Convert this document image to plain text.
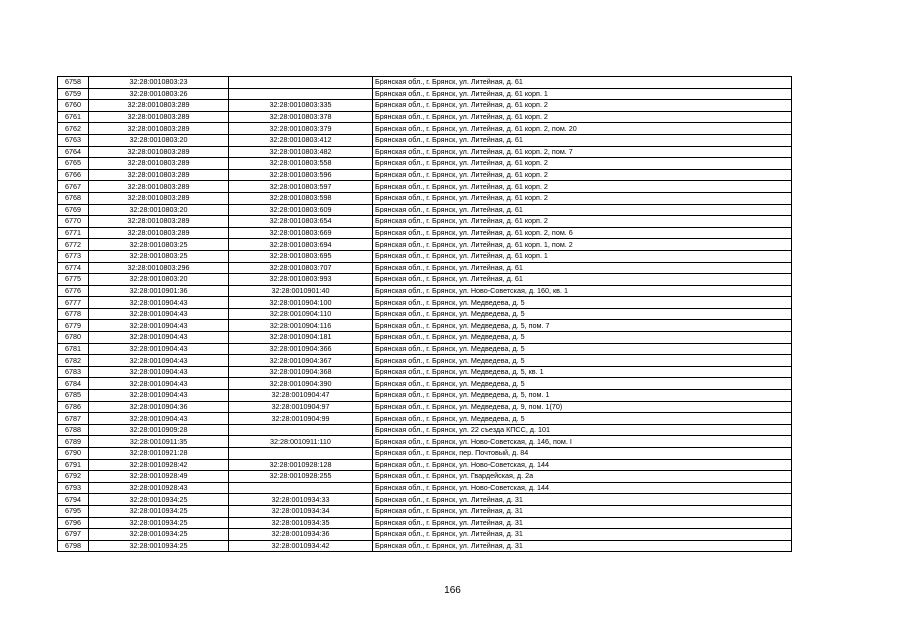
6758	32:28:0010803:23		Брянская обл., г. Брянск, ул. Литейная, д. 61
6759	32:28:0010803:26		Брянская обл., г. Брянск, ул. Литейная, д. 61 корп. 1
6760	32:28:0010803:289	32:28:0010803:335	Брянская обл., г. Брянск, ул. Литейная, д. 61 корп. 2
6761	32:28:0010803:289	32:28:0010803:378	Брянская обл., г. Брянск, ул. Литейная, д. 61 корп. 2
6762	32:28:0010803:289	32:28:0010803:379	Брянская обл., г. Брянск, ул. Литейная, д. 61 корп. 2, пом. 20
6763	32:28:0010803:20	32:28:0010803:412	Брянская обл., г. Брянск, ул. Литейная, д. 61
6764	32:28:0010803:289	32:28:0010803:482	Брянская обл., г. Брянск, ул. Литейная, д. 61 корп. 2, пом. 7
6765	32:28:0010803:289	32:28:0010803:558	Брянская обл., г. Брянск, ул. Литейная, д. 61 корп. 2
6766	32:28:0010803:289	32:28:0010803:596	Брянская обл., г. Брянск, ул. Литейная, д. 61 корп. 2
6767	32:28:0010803:289	32:28:0010803:597	Брянская обл., г. Брянск, ул. Литейная, д. 61 корп. 2
6768	32:28:0010803:289	32:28:0010803:598	Брянская обл., г. Брянск, ул. Литейная, д. 61 корп. 2
6769	32:28:0010803:20	32:28:0010803:609	Брянская обл., г. Брянск, ул. Литейная, д. 61
6770	32:28:0010803:289	32:28:0010803:654	Брянская обл., г. Брянск, ул. Литейная, д. 61 корп. 2
6771	32:28:0010803:289	32:28:0010803:669	Брянская обл., г. Брянск, ул. Литейная, д. 61 корп. 2, пом. 6
6772	32:28:0010803:25	32:28:0010803:694	Брянская обл., г. Брянск, ул. Литейная, д. 61 корп. 1, пом. 2
6773	32:28:0010803:25	32:28:0010803:695	Брянская обл., г. Брянск, ул. Литейная, д. 61 корп. 1
6774	32:28:0010803:296	32:28:0010803:707	Брянская обл., г. Брянск, ул. Литейная, д. 61
6775	32:28:0010803:20	32:28:0010803:993	Брянская обл., г. Брянск, ул. Литейная, д. 61
6776	32:28:0010901:36	32:28:0010901:40	Брянская обл., г. Брянск, ул. Ново-Советская, д. 160, кв. 1
6777	32:28:0010904:43	32:28:0010904:100	Брянская обл., г. Брянск, ул. Медведева, д. 5
6778	32:28:0010904:43	32:28:0010904:110	Брянская обл., г. Брянск, ул. Медведева, д. 5
6779	32:28:0010904:43	32:28:0010904:116	Брянская обл., г. Брянск, ул. Медведева, д. 5, пом. 7
6780	32:28:0010904:43	32:28:0010904:181	Брянская обл., г. Брянск, ул. Медведева, д. 5
6781	32:28:0010904:43	32:28:0010904:366	Брянская обл., г. Брянск, ул. Медведева, д. 5
6782	32:28:0010904:43	32:28:0010904:367	Брянская обл., г. Брянск, ул. Медведева, д. 5
6783	32:28:0010904:43	32:28:0010904:368	Брянская обл., г. Брянск, ул. Медведева, д. 5, кв. 1
6784	32:28:0010904:43	32:28:0010904:390	Брянская обл., г. Брянск, ул. Медведева, д. 5
6785	32:28:0010904:43	32:28:0010904:47	Брянская обл., г. Брянск, ул. Медведева, д. 5, пом. 1
6786	32:28:0010904:36	32:28:0010904:97	Брянская обл., г. Брянск, ул. Медведева, д. 9, пом. 1(70)
6787	32:28:0010904:43	32:28:0010904:99	Брянская обл., г. Брянск, ул. Медведева, д. 5
6788	32:28:0010909:28		Брянская обл., г. Брянск, ул. 22 съезда КПСС, д. 101
6789	32:28:0010911:35	32:28:0010911:110	Брянская обл., г. Брянск, ул. Ново-Советская, д. 146, пом. I
6790	32:28:0010921:28		Брянская обл., г. Брянск, пер. Почтовый, д. 84
6791	32:28:0010928:42	32:28:0010928:128	Брянская обл., г. Брянск, ул. Ново-Советская, д. 144
6792	32:28:0010928:49	32:28:0010928:255	Брянская обл., г. Брянск, ул. Гвардейская, д. 2а
6793	32:28:0010928:43		Брянская обл., г. Брянск, ул. Ново-Советская, д. 144
6794	32:28:0010934:25	32:28:0010934:33	Брянская обл., г. Брянск, ул. Литейная, д. 31
6795	32:28:0010934:25	32:28:0010934:34	Брянская обл., г. Брянск, ул. Литейная, д. 31
6796	32:28:0010934:25	32:28:0010934:35	Брянская обл., г. Брянск, ул. Литейная, д. 31
6797	32:28:0010934:25	32:28:0010934:36	Брянская обл., г. Брянск, ул. Литейная, д. 31
6798	32:28:0010934:25	32:28:0010934:42	Брянская обл., г. Брянск, ул. Литейная, д. 31
166
